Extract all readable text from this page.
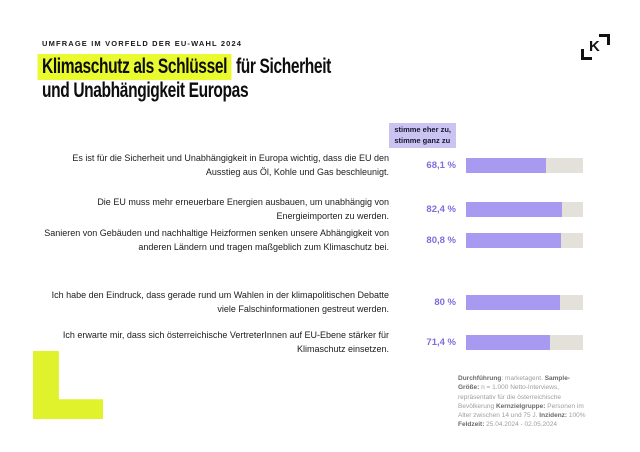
UMFRAGE IM VORFELD DER EU-WAHL 2024
Klimaschutz als Schlüssel für Sicherheit
und Unabhängigkeit Europas
K
stimme eher zu,
stimme ganz zu
Es ist für die Sicherheit und Unabhängigkeit in Europa wichtig, dass die EU den Ausstieg aus Öl, Kohle und Gas beschleunigt.
68,1 %
Die EU muss mehr erneuerbare Energien ausbauen, um unabhängig von Energieimporten zu werden.
82,4 %
Sanieren von Gebäuden und nachhaltige Heizformen senken unsere Abhängigkeit von anderen Ländern und tragen maßgeblich zum Klimaschutz bei.
80,8 %
Ich habe den Eindruck, dass gerade rund um Wahlen in der klimapolitischen Debatte viele Falschinformationen gestreut werden.
80 %
Ich erwarte mir, dass sich österreichische VertreterInnen auf EU-Ebene stärker für Klimaschutz einsetzen.
71,4 %
Durchführung: marketagent. Sample-Größe: n = 1.000 Netto-Interviews, repräsentativ für die österreichische Bevölkerung Kernzielgruppe: Personen im Alter zwischen 14 und 75 J. Inzidenz: 100% Feldzeit: 25.04.2024 - 02.05.2024
